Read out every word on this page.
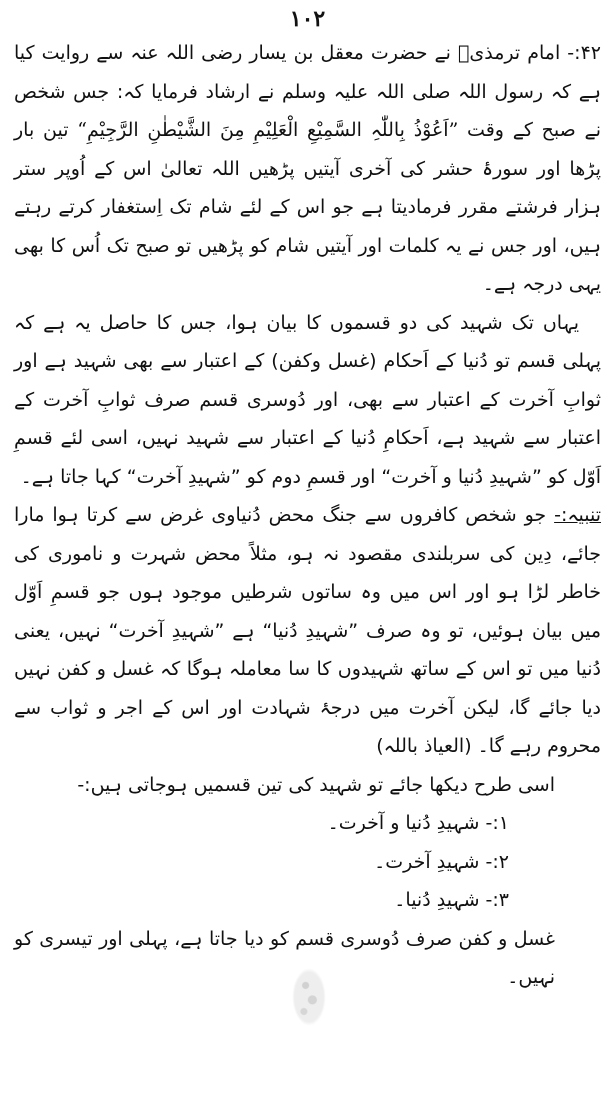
۱۰۲

۴۲:- امام ترمذیؒ نے حضرت معقل بن یسار رضی اللہ عنہ سے روایت کیا ہے کہ رسول اللہ صلی اللہ علیہ وسلم نے ارشاد فرمایا کہ: جس شخص نے صبح کے وقت ”اَعُوْذُ بِاللّٰہِ السَّمِیْعِ الْعَلِیْمِ مِنَ الشَّیْطٰنِ الرَّجِیْمِ“ تین بار پڑھا اور سورۂ حشر کی آخری آیتیں پڑھیں اللہ تعالیٰ اس کے اُوپر ستر ہزار فرشتے مقرر فرمادیتا ہے جو اس کے لئے شام تک اِستغفار کرتے رہتے ہیں، اور جس نے یہ کلمات اور آیتیں شام کو پڑھیں تو صبح تک اُس کا بھی یہی درجہ ہے۔

یہاں تک شہید کی دو قسموں کا بیان ہوا، جس کا حاصل یہ ہے کہ پہلی قسم تو دُنیا کے اَحکام (غسل وکفن) کے اعتبار سے بھی شہید ہے اور ثوابِ آخرت کے اعتبار سے بھی، اور دُوسری قسم صرف ثوابِ آخرت کے اعتبار سے شہید ہے، اَحکامِ دُنیا کے اعتبار سے شہید نہیں، اسی لئے قسمِ اَوّل کو ”شہیدِ دُنیا و آخرت“ اور قسمِ دوم کو ”شہیدِ آخرت“ کہا جاتا ہے۔

تنبیہ:- جو شخص کافروں سے جنگ محض دُنیاوی غرض سے کرتا ہوا مارا جائے، دِین کی سربلندی مقصود نہ ہو، مثلاً محض شہرت و ناموری کی خاطر لڑا ہو اور اس میں وہ ساتوں شرطیں موجود ہوں جو قسمِ اَوّل میں بیان ہوئیں، تو وہ صرف ”شہیدِ دُنیا“ ہے ”شہیدِ آخرت“ نہیں، یعنی دُنیا میں تو اس کے ساتھ شہیدوں کا سا معاملہ ہوگا کہ غسل و کفن نہیں دیا جائے گا، لیکن آخرت میں درجۂ شہادت اور اس کے اجر و ثواب سے محروم رہے گا۔ (العیاذ باللہ)

اسی طرح دیکھا جائے تو شہید کی تین قسمیں ہوجاتی ہیں:-

۱:- شہیدِ دُنیا و آخرت۔
۲:- شہیدِ آخرت۔
۳:- شہیدِ دُنیا۔

غسل و کفن صرف دُوسری قسم کو دیا جاتا ہے، پہلی اور تیسری کو نہیں۔
